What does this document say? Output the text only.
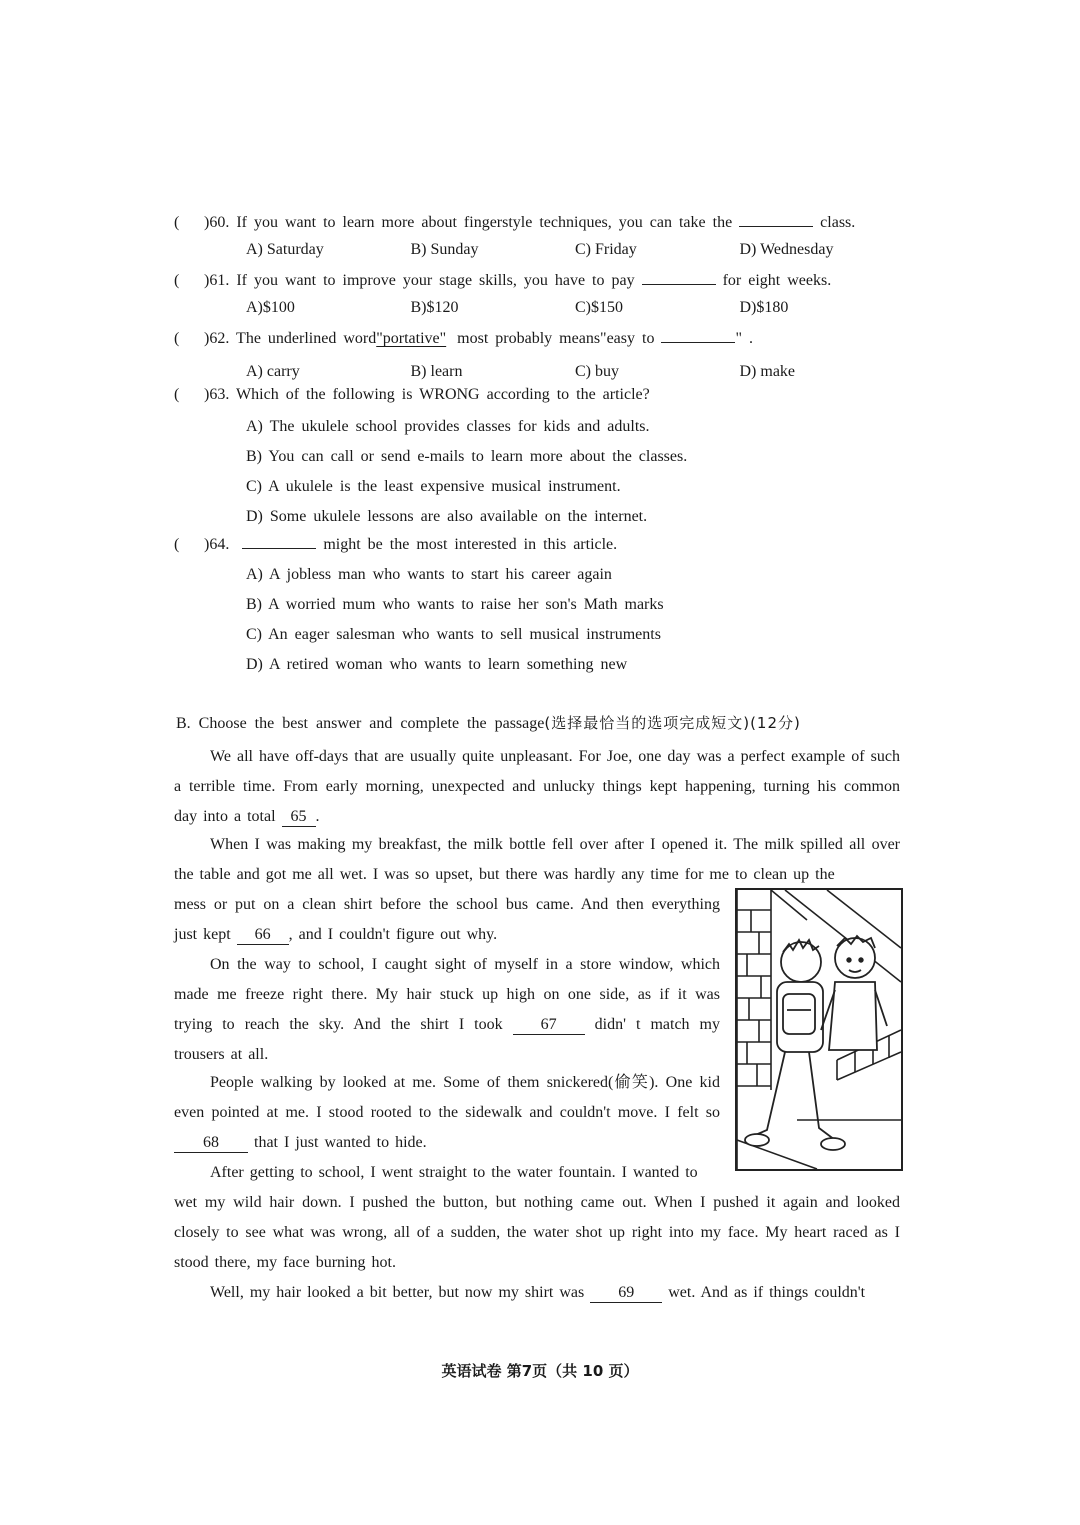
(	)60. If you want to learn more about fingerstyle techniques, you can take the	class.
A) Saturday	B) Sunday	C) Friday	D) Wednesday
(	)61. If you want to improve your stage skills, you have to pay	for eight weeks.
A)$100	B)$120	C)$150	D)$180
(	)62. The underlined word"portative" most probably means"easy to	" .
A) carry	B) learn	C) buy	D) make
(	)63. Which of the following is WRONG according to the article?
A) The ukulele school provides classes for kids and adults.
B) You can call or send e-mails to learn more about the classes.
C) A ukulele is the least expensive musical instrument.
D) Some ukulele lessons are also available on the internet.
(	)64.	might be the most interested in this article.
A) A jobless man who wants to start his career again
B) A worried mum who wants to raise her son's Math marks
C) An eager salesman who wants to sell musical instruments
D) A retired woman who wants to learn something new
B. Choose the best answer and complete the passage(选择最恰当的选项完成短文)(12分)
We all have off-days that are usually quite unpleasant. For Joe, one day was a perfect example of such a terrible time. From early morning, unexpected and unlucky things kept happening, turning his common day into a total 65 .
When I was making my breakfast, the milk bottle fell over after I opened it. The milk spilled all over the table and got me all wet. I was so upset, but there was hardly any time for me to clean up the
mess or put on a clean shirt before the school bus came. And then everything just kept 66 , and I couldn't figure out why.
On the way to school, I caught sight of myself in a store window, which made me freeze right there. My hair stuck up high on one side, as if it was trying to reach the sky. And the shirt I took 67 didn' t match my trousers at all.
People walking by looked at me. Some of them snickered(偷笑). One kid even pointed at me. I stood rooted to the sidewalk and couldn't move. I felt so 68 that I just wanted to hide.
After getting to school, I went straight to the water fountain. I wanted to
wet my wild hair down. I pushed the button, but nothing came out. When I pushed it again and looked closely to see what was wrong, all of a sudden, the water shot up right into my face. My heart raced as I stood there, my face burning hot.
Well, my hair looked a bit better, but now my shirt was 69 wet. And as if things couldn't
英语试卷 第7页（共 10 页）
